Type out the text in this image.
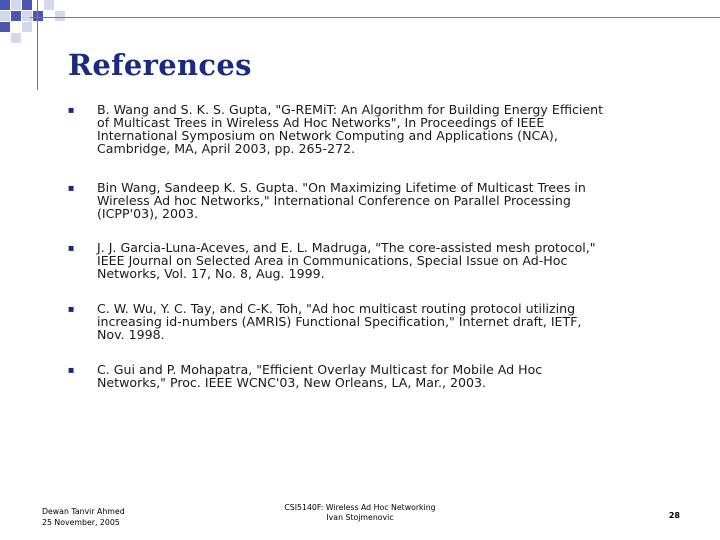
References
■ B. Wang and S. K. S. Gupta, "G-REMiT: An Algorithm for Building Energy Efficient
of Multicast Trees in Wireless Ad Hoc Networks", In Proceedings of IEEE
International Symposium on Network Computing and Applications (NCA),
Cambridge, MA, April 2003, pp. 265-272.
■ Bin Wang, Sandeep K. S. Gupta. "On Maximizing Lifetime of Multicast Trees in
Wireless Ad hoc Networks," International Conference on Parallel Processing
(ICPP'03), 2003.
■ J. J. Garcia-Luna-Aceves, and E. L. Madruga, "The core-assisted mesh protocol,"
IEEE Journal on Selected Area in Communications, Special Issue on Ad-Hoc
Networks, Vol. 17, No. 8, Aug. 1999.
■ C. W. Wu, Y. C. Tay, and C-K. Toh, "Ad hoc multicast routing protocol utilizing
increasing id-numbers (AMRIS) Functional Specification," Internet draft, IETF,
Nov. 1998.
■ C. Gui and P. Mohapatra, "Efficient Overlay Multicast for Mobile Ad Hoc
Networks," Proc. IEEE WCNC'03, New Orleans, LA, Mar., 2003.
Dewan Tanvir Ahmed
25 November, 2005
CSI5140F: Wireless Ad Hoc Networking
Ivan Stojmenovic	28
